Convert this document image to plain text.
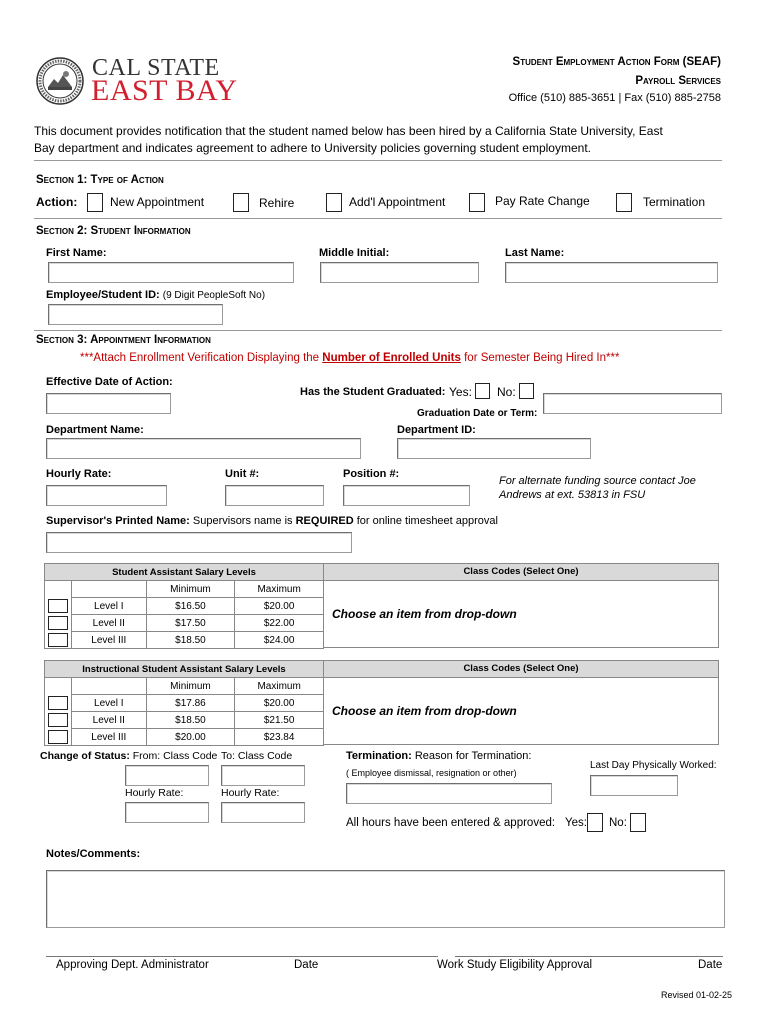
CAL STATE
EAST BAY
Student Employment Action Form (SEAF)
Payroll Services
Office (510) 885-3651 | Fax (510) 885-2758
This document provides notification that the student named below has been hired by a California State University, East
Bay department and indicates agreement to adhere to University policies governing student employment.
Section 1: Type of Action
Action:	New Appointment	Rehire	Add'l Appointment	Pay Rate Change	Termination
Section 2: Student Information
First Name:	Middle Initial:	Last Name:
Employee/Student ID: (9 Digit PeopleSoft No)
Section 3: Appointment Information
***Attach Enrollment Verification Displaying the Number of Enrolled Units for Semester Being Hired In***
Effective Date of Action:
Has the Student Graduated: Yes: No:
Graduation Date or Term:
Department Name:	Department ID:
Hourly Rate:	Unit #:	Position #:
For alternate funding source contact Joe
Andrews at ext. 53813 in FSU
Supervisor's Printed Name: Supervisors name is REQUIRED for online timesheet approval
Student Assistant Salary Levels			
		Minimum	Maximum

	Level I	$16.50	$20.00

	Level II	$17.50	$22.00

	Level III	$18.50	$24.00
Class Codes (Select One)
Choose an item from drop-down
Instructional Student Assistant Salary Levels			
		Minimum	Maximum

	Level I	$17.86	$20.00

	Level II	$18.50	$21.50

	Level III	$20.00	$23.84
Class Codes (Select One)
Choose an item from drop-down
Change of Status: From: Class Code To: Class Code
Hourly Rate:	Hourly Rate:
Termination: Reason for Termination:
( Employee dismissal, resignation or other)
Last Day Physically Worked:
All hours have been entered & approved: Yes: No:
Notes/Comments:
Approving Dept. Administrator	Date	Work Study Eligibility Approval	Date
Revised 01-02-25
